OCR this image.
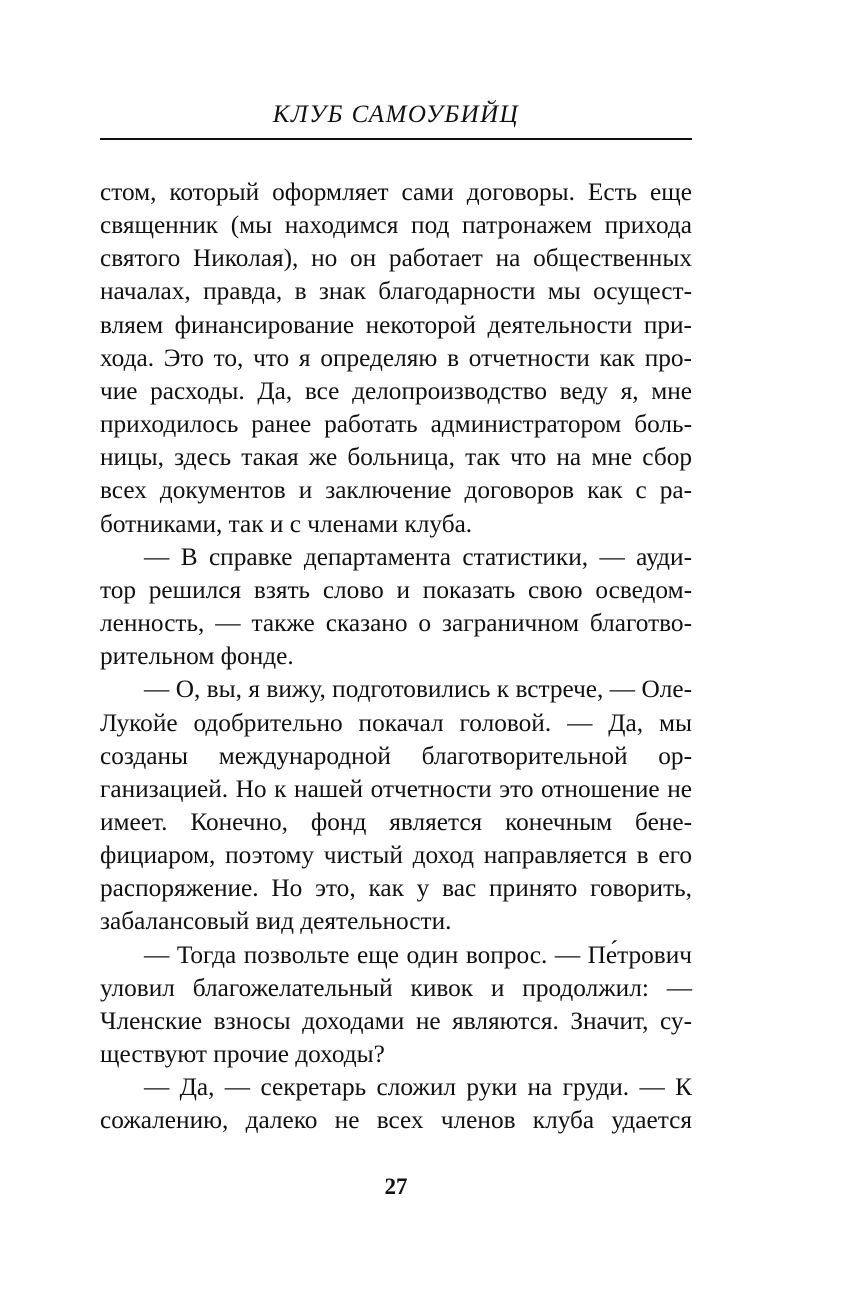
КЛУБ САМОУБИЙЦ

стом, который оформляет сами договоры. Есть еще священник (мы находимся под патронажем прихода святого Николая), но он работает на общественных началах, правда, в знак благодарности мы осущест-вляем финансирование некоторой деятельности при-хода. Это то, что я определяю в отчетности как про-чие расходы. Да, все делопроизводство веду я, мне приходилось ранее работать администратором боль-ницы, здесь такая же больница, так что на мне сбор всех документов и заключение договоров как с ра-ботниками, так и с членами клуба.

— В справке департамента статистики, — ауди-тор решился взять слово и показать свою осведом-ленность, — также сказано о заграничном благотво-рительном фонде.

— О, вы, я вижу, подготовились к встрече, — Оле-Лукойе одобрительно покачал головой. — Да, мы созданы международной благотворительной ор-ганизацией. Но к нашей отчетности это отношение не имеет. Конечно, фонд является конечным бене-фициаром, поэтому чистый доход направляется в его распоряжение. Но это, как у вас принято говорить, забалансовый вид деятельности.

— Тогда позвольте еще один вопрос. — Пе́трович уловил благожелательный кивок и продолжил: — Членские взносы доходами не являются. Значит, су-ществуют прочие доходы?

— Да, — секретарь сложил руки на груди. — К сожалению, далеко не всех членов клуба удается

27
